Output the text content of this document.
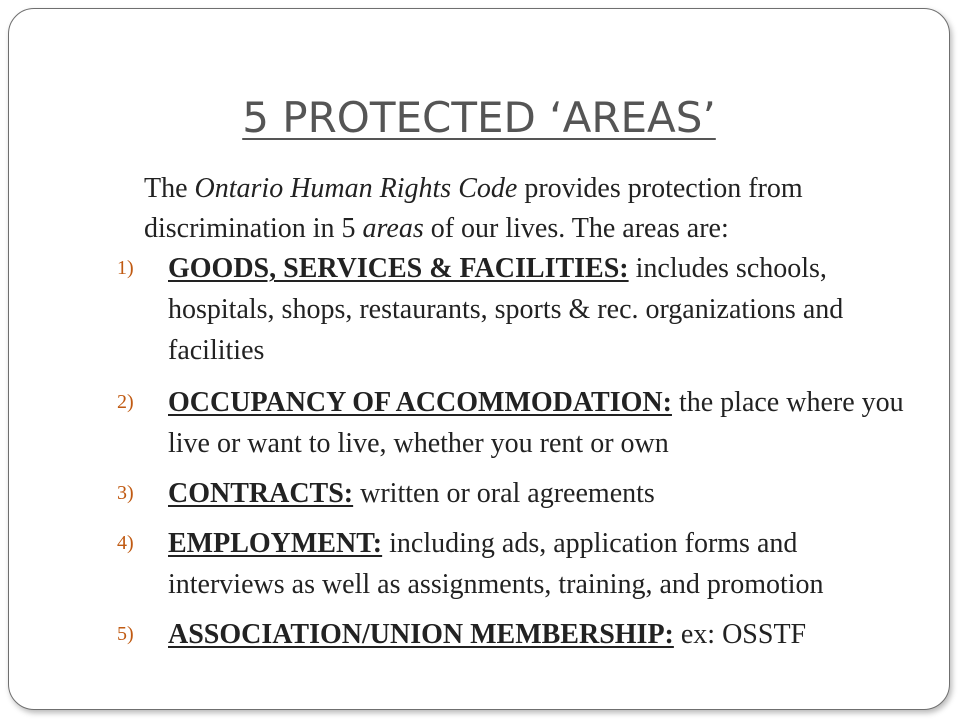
5 PROTECTED ‘AREAS’

The Ontario Human Rights Code provides protection from discrimination in 5 areas of our lives. The areas are:

1)	GOODS, SERVICES & FACILITIES: includes schools, hospitals, shops, restaurants, sports & rec. organizations and facilities
2)	OCCUPANCY OF ACCOMMODATION: the place where you live or want to live, whether you rent or own
3)	CONTRACTS: written or oral agreements
4)	EMPLOYMENT: including ads, application forms and interviews as well as assignments, training, and promotion
5)	ASSOCIATION/UNION MEMBERSHIP: ex: OSSTF
